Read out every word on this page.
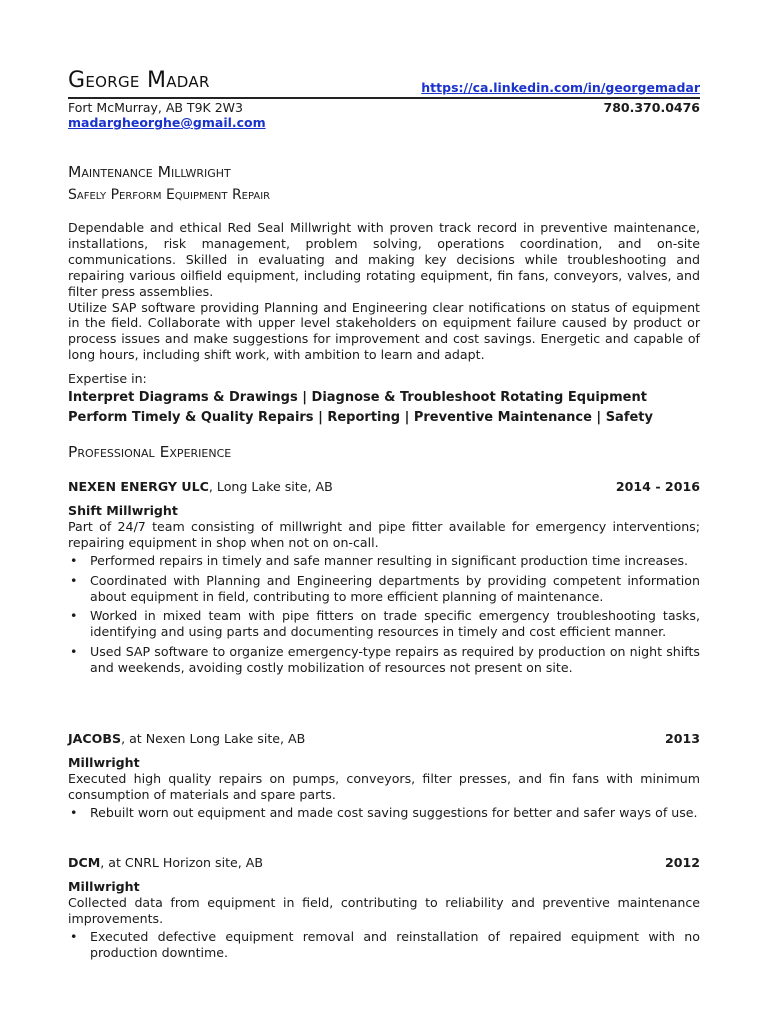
George Madar	https://ca.linkedin.com/in/georgemadar
Fort McMurray, AB T9K 2W3	780.370.0476
madargheorghe@gmail.com
Maintenance Millwright
Safely Perform Equipment Repair

Dependable and ethical Red Seal Millwright with proven track record in preventive maintenance, installations, risk management, problem solving, operations coordination, and on-site communications. Skilled in evaluating and making key decisions while troubleshooting and repairing various oilfield equipment, including rotating equipment, fin fans, conveyors, valves, and filter press assemblies.

Utilize SAP software providing Planning and Engineering clear notifications on status of equipment in the field. Collaborate with upper level stakeholders on equipment failure caused by product or process issues and make suggestions for improvement and cost savings. Energetic and capable of long hours, including shift work, with ambition to learn and adapt.

Expertise in:
Interpret Diagrams & Drawings | Diagnose & Troubleshoot Rotating Equipment
Perform Timely & Quality Repairs | Reporting | Preventive Maintenance | Safety
Professional Experience
NEXEN ENERGY ULC, Long Lake site, AB	2014 - 2016
Shift Millwright

Part of 24/7 team consisting of millwright and pipe fitter available for emergency interventions; repairing equipment in shop when not on on-call.

• Performed repairs in timely and safe manner resulting in significant production time increases.
• Coordinated with Planning and Engineering departments by providing competent information about equipment in field, contributing to more efficient planning of maintenance.
• Worked in mixed team with pipe fitters on trade specific emergency troubleshooting tasks, identifying and using parts and documenting resources in timely and cost efficient manner.
• Used SAP software to organize emergency-type repairs as required by production on night shifts and weekends, avoiding costly mobilization of resources not present on site.
JACOBS, at Nexen Long Lake site, AB	2013
Millwright

Executed high quality repairs on pumps, conveyors, filter presses, and fin fans with minimum consumption of materials and spare parts.

• Rebuilt worn out equipment and made cost saving suggestions for better and safer ways of use.
DCM, at CNRL Horizon site, AB	2012
Millwright

Collected data from equipment in field, contributing to reliability and preventive maintenance improvements.

• Executed defective equipment removal and reinstallation of repaired equipment with no production downtime.
